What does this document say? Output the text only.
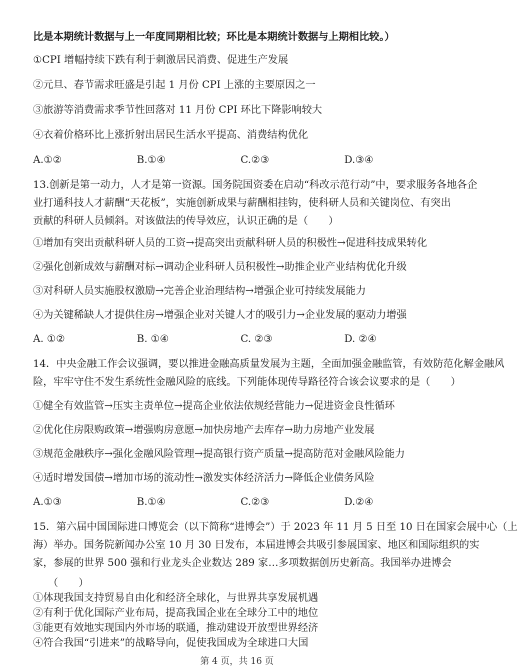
比是本期统计数据与上一年度同期相比较；环比是本期统计数据与上期相比较。）
①CPI 增幅持续下跌有利于刺激居民消费、促进生产发展
②元旦、春节需求旺盛是引起 1 月份 CPI 上涨的主要原因之一
③旅游等消费需求季节性回落对 11 月份 CPI 环比下降影响较大
④衣着价格环比上涨折射出居民生活水平提高、消费结构优化
A.①②	B.①④	C.②③	D.③④
13.创新是第一动力，人才是第一资源。国务院国资委在启动“科改示范行动”中，要求服务各地各企
业打通科技人才薪酬“天花板”，实施创新成果与薪酬相挂钩，使科研人员和关键岗位、有突出
贡献的科研人员倾斜。对该做法的传导效应，认识正确的是（　　）
①增加有突出贡献科研人员的工资→提高突出贡献科研人员的积极性→促进科技成果转化
②强化创新成效与薪酬对标→调动企业科研人员积极性→助推企业产业结构优化升级
③对科研人员实施股权激励→完善企业治理结构→增强企业可持续发展能力
④为关键稀缺人才提供住房→增强企业对关键人才的吸引力→企业发展的驱动力增强
A. ①②	B. ①④	C. ②③	D. ②④
14．中央金融工作会议强调，要以推进金融高质量发展为主题，全面加强金融监管，有效防范化解金融风
险，牢牢守住不发生系统性金融风险的底线。下列能体现传导路径符合该会议要求的是（　　）
①健全有效监管→压实主责单位→提高企业依法依规经营能力→促进资金良性循环
②优化住房限购政策→增强购房意愿→加快房地产去库存→助力房地产业发展
③规范金融秩序→强化金融风险管理→提高银行资产质量→提高防范对金融风险能力
④适时增发国债→增加市场的流动性→激发实体经济活力→降低企业债务风险
A.①③	B.①④	C.②③	D.②④
15．第六届中国国际进口博览会（以下简称“进博会”）于 2023 年 11 月 5 日至 10 日在国家会展中心（上
海）举办。国务院新闻办公室 10 月 30 日发布，本届进博会共吸引参展国家、地区和国际组织的实
家，参展的世界 500 强和行业龙头企业数达 289 家…多项数据创历史新高。我国举办进博会
（　　）
①体现我国支持贸易自由化和经济全球化，与世界共享发展机遇
②有利于优化国际产业布局，提高我国企业在全球分工中的地位
第 4 页，共 16 页
③能更有效地实现国内外市场的联通，推动建设开放型世界经济
④符合我国“引进来”的战略导向，促使我国成为全球进口大国
